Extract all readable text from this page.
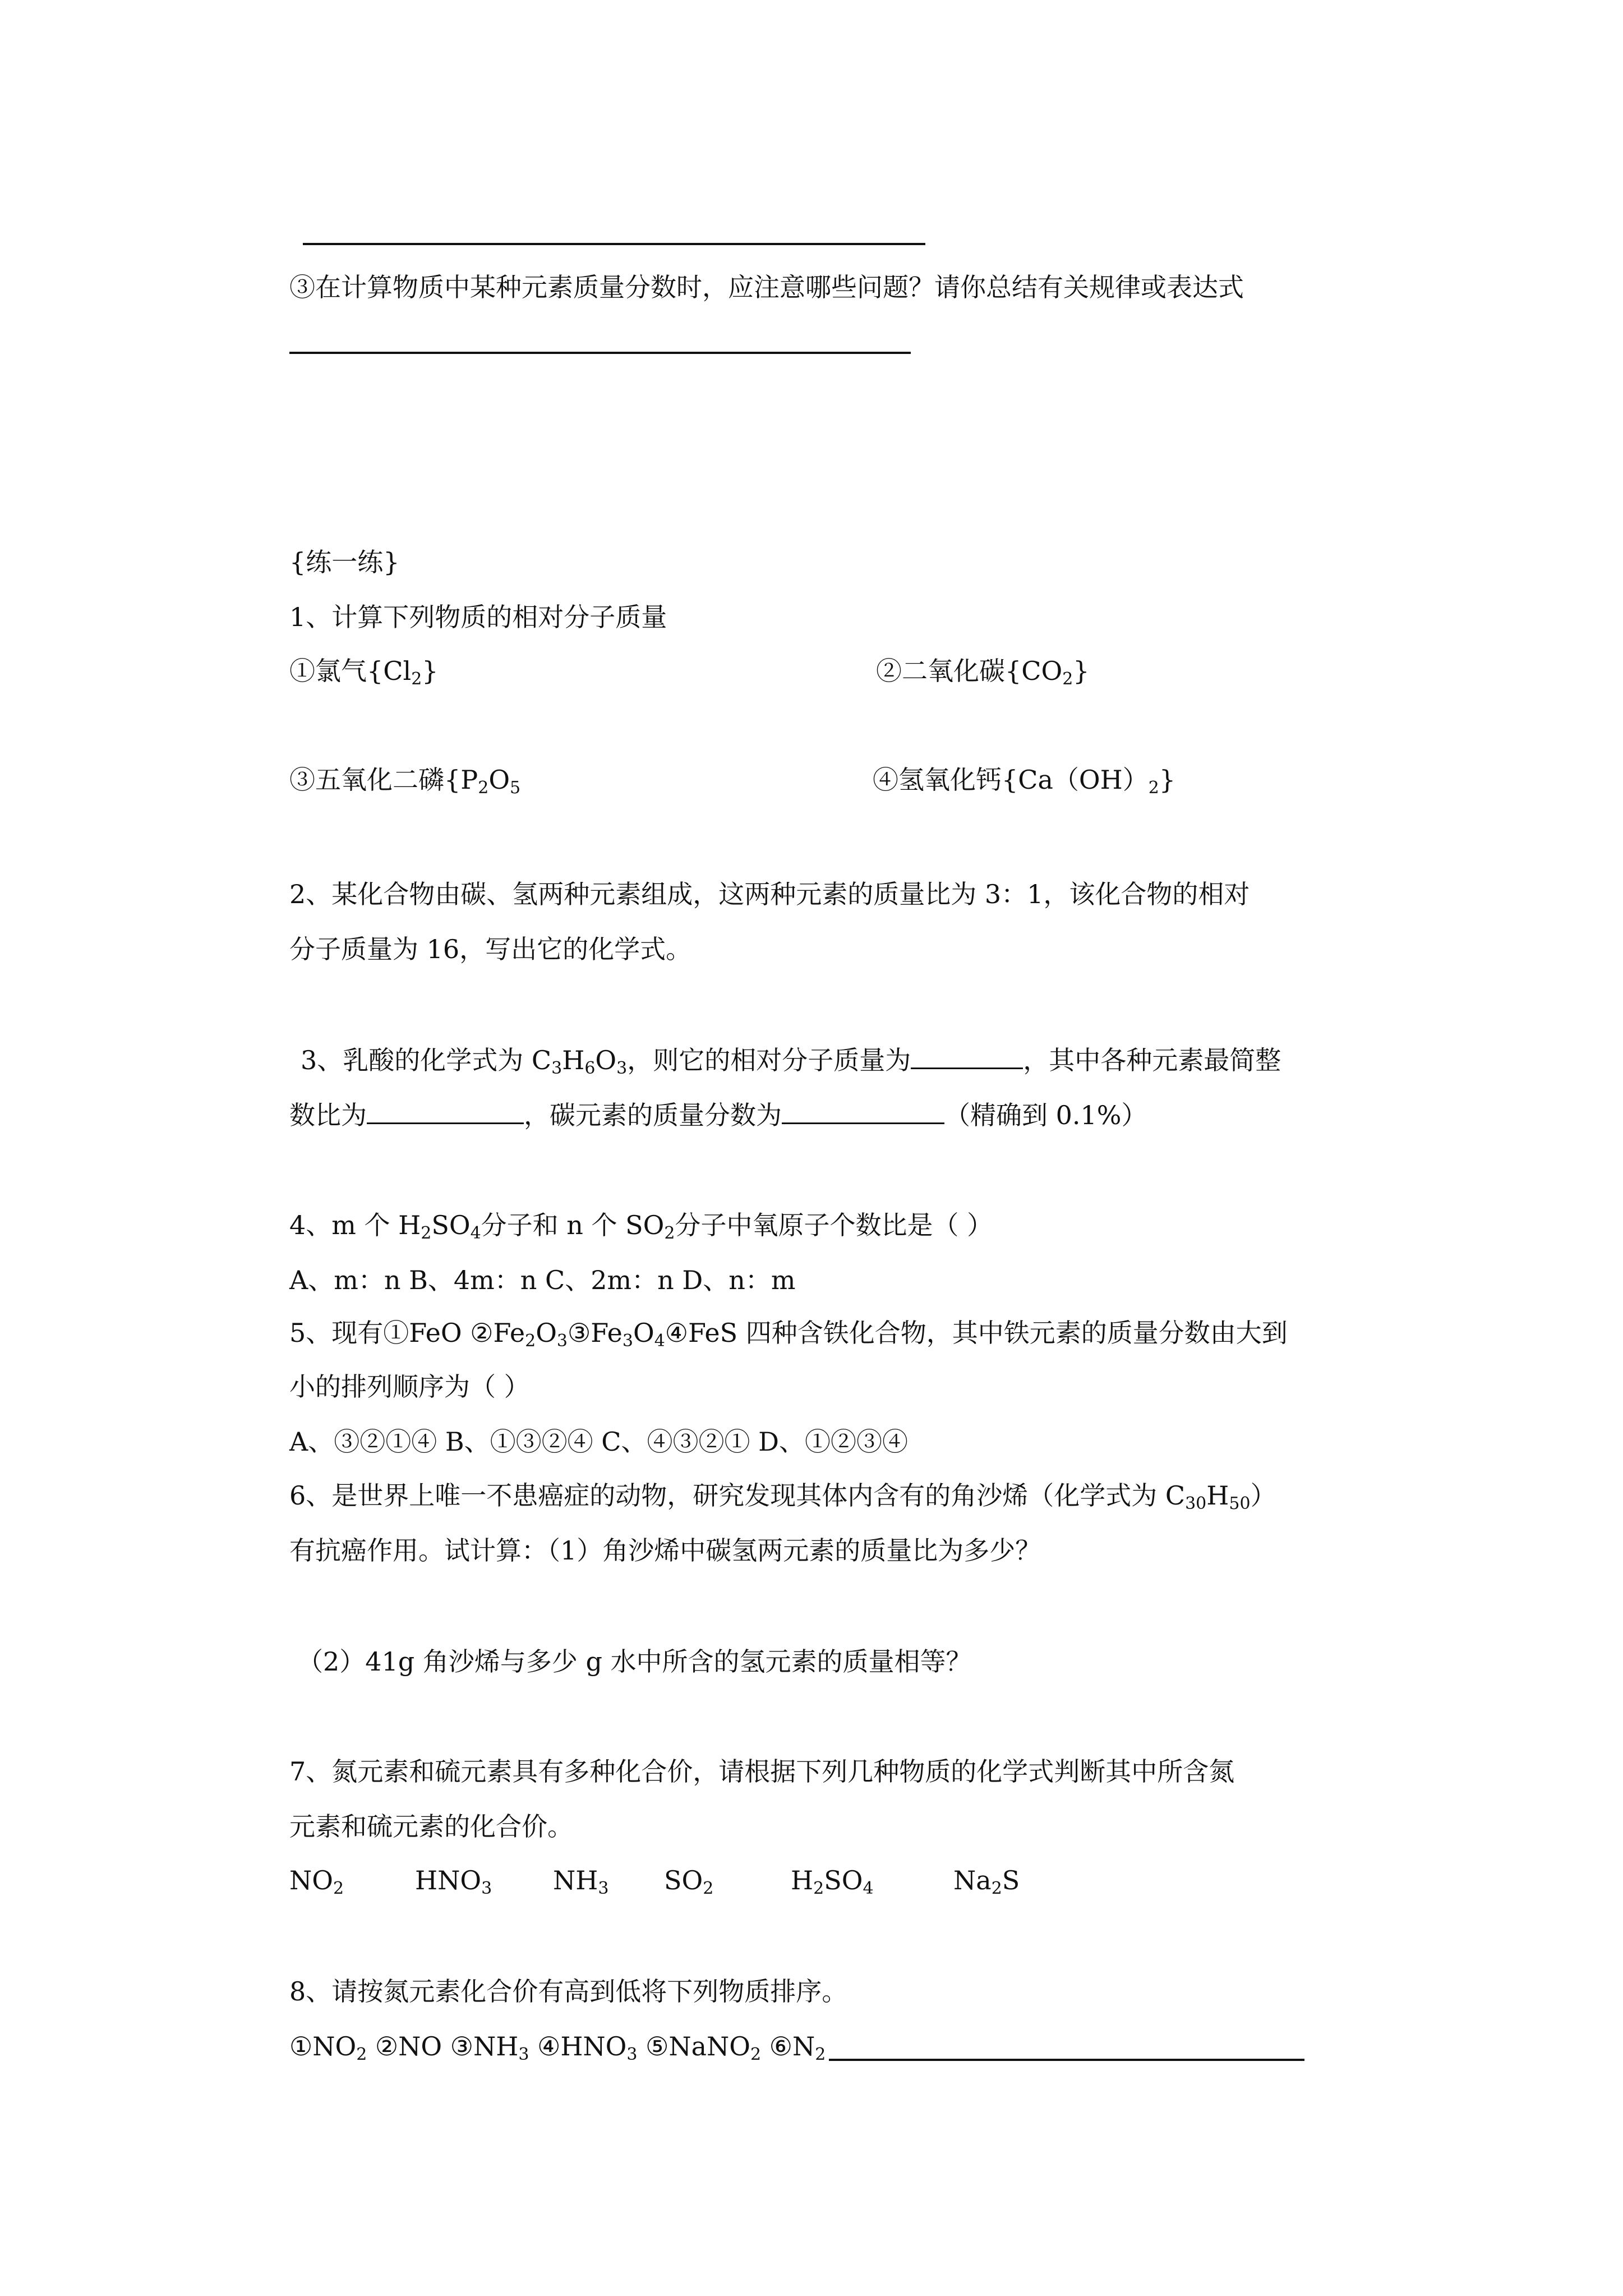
③在计算物质中某种元素质量分数时，应注意哪些问题？请你总结有关规律或表达式
{练一练}
1、计算下列物质的相对分子质量
①氯气$\{Cl_2\}$	②二氧化碳$\{CO_2\}$
③五氧化二磷{$P_2O_5$	④氢氧化钙$\{Ca(OH)_2\}$
2、某化合物由碳、氢两种元素组成，这两种元素的质量比为 3：1，该化合物的相对
分子质量为 16，写出它的化学式。
3、乳酸的化学式为 $C_3H_6O_3$，则它的相对分子质量为	，其中各种元素最简整
数比为	，碳元素的质量分数为	（精确到 0.1%）
4、m 个 $H_2SO_4$分子和 n 个 $SO_2$分子中氧原子个数比是（ ）
A、m：n B、4m：n C、2m：n D、n：m
5、现有①FeO $②Fe_2O_3③Fe_3O_4④FeS$ 四种含铁化合物，其中铁元素的质量分数由大到
小的排列顺序为（ ）
A、③②①④ B、①③②④ C、④③②① D、①②③④
6、是世界上唯一不患癌症的动物，研究发现其体内含有的角沙烯（化学式为 $C_{30}H_{50}$）
有抗癌作用。试计算：（1）角沙烯中碳氢两元素的质量比为多少？
（2）41g 角沙烯与多少 g 水中所含的氢元素的质量相等？
7、氮元素和硫元素具有多种化合价，请根据下列几种物质的化学式判断其中所含氮
元素和硫元素的化合价。
$NO_2$	$HNO_3$ $NH_3$ $SO_2$	$H_2SO_4$	$Na_2S$
8、请按氮元素化合价有高到低将下列物质排序。
$①NO_2$ ②NO $③NH_3$ $④HNO_3$ ⑤NaNO$_2$ $⑥N_2$
